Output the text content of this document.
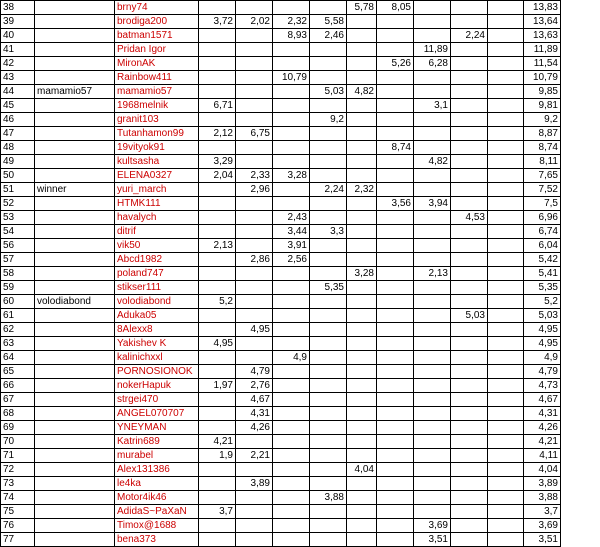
38		brny74					5,78	8,05				13,83
39		brodiga200	3,72	2,02	2,32	5,58						13,64
40		batman1571			8,93	2,46				2,24		13,63
41		Pridan Igor							11,89			11,89
42		MironAK						5,26	6,28			11,54
43		Rainbow411			10,79							10,79
44	mamamio57	mamamio57				5,03	4,82					9,85
45		1968melnik	6,71						3,1			9,81
46		granit103				9,2						9,2
47		Tutanhamon99	2,12	6,75								8,87
48		19vityok91						8,74				8,74
49		kultsasha	3,29						4,82			8,11
50		ELENA0327	2,04	2,33	3,28							7,65
51	winner	yuri_march		2,96		2,24	2,32					7,52
52		HTMK111						3,56	3,94			7,5
53		havalych			2,43					4,53		6,96
54		ditrif			3,44	3,3						6,74
56		vik50	2,13		3,91							6,04
57		Abcd1982		2,86	2,56							5,42
58		poland747					3,28		2,13			5,41
59		stikser111				5,35						5,35
60	volodiabond	volodiabond	5,2									5,2
61		Aduka05								5,03		5,03
62		8Alexx8		4,95								4,95
63		Yakishev K	4,95									4,95
64		kalinichxxl			4,9							4,9
65		PORNOSIONOK		4,79								4,79
66		nokerHapuk	1,97	2,76								4,73
67		strgei470		4,67								4,67
68		ANGEL070707		4,31								4,31
69		YNEYMAN		4,26								4,26
70		Katrin689	4,21									4,21
71		murabel	1,9	2,21								4,11
72		Alex131386					4,04					4,04
73		le4ka		3,89								3,89
74		Motor4ik46				3,88						3,88
75		AdidaS~PaXaN	3,7									3,7
76		Timox@1688							3,69			3,69
77		bena373							3,51			3,51
